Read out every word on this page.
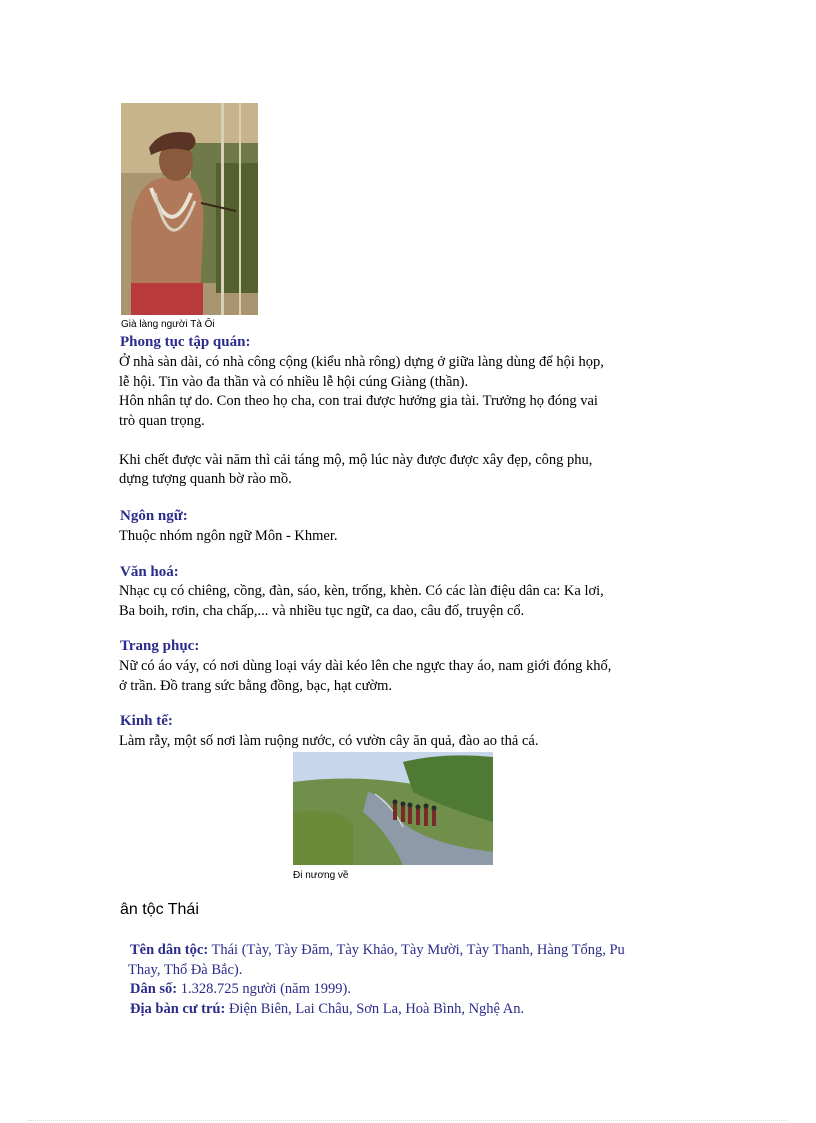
Già làng người Tà Ôi
Phong tục tập quán:
Ở nhà sàn dài, có nhà công cộng (kiểu nhà rông) dựng ở giữa làng dùng để hội họp,
lễ hội. Tin vào đa thần và có nhiều lễ hội cúng Giàng (thần).
Hôn nhân tự do. Con theo họ cha, con trai được hưởng gia tài. Trưởng họ đóng vai
trò quan trọng.
Khi chết được vài năm thì cải táng mộ, mộ lúc này được được xây đẹp, công phu,
dựng tượng quanh bờ rào mồ.
Ngôn ngữ:
Thuộc nhóm ngôn ngữ Môn - Khmer.
Văn hoá:
Nhạc cụ có chiêng, cồng, đàn, sáo, kèn, trống, khèn. Có các làn điệu dân ca: Ka lơi,
Ba boih, rơin, cha chấp,... và nhiều tục ngữ, ca dao, câu đố, truyện cổ.
Trang phục:
Nữ có áo váy, có nơi dùng loại váy dài kéo lên che ngực thay áo, nam giới đóng khố,
ở trần. Đồ trang sức bằng đồng, bạc, hạt cườm.
Kinh tế:
Làm rẫy, một số nơi làm ruộng nước, có vườn cây ăn quả, đào ao thả cá.
Đi nương về
ân tộc Thái
Tên dân tộc: Thái (Tày, Tày Đăm, Tày Khảo, Tày Mười, Tày Thanh, Hàng Tổng, Pu
Thay, Thổ Đà Bắc).
Dân số: 1.328.725 người (năm 1999).
Địa bàn cư trú: Điện Biên, Lai Châu, Sơn La, Hoà Bình, Nghệ An.
